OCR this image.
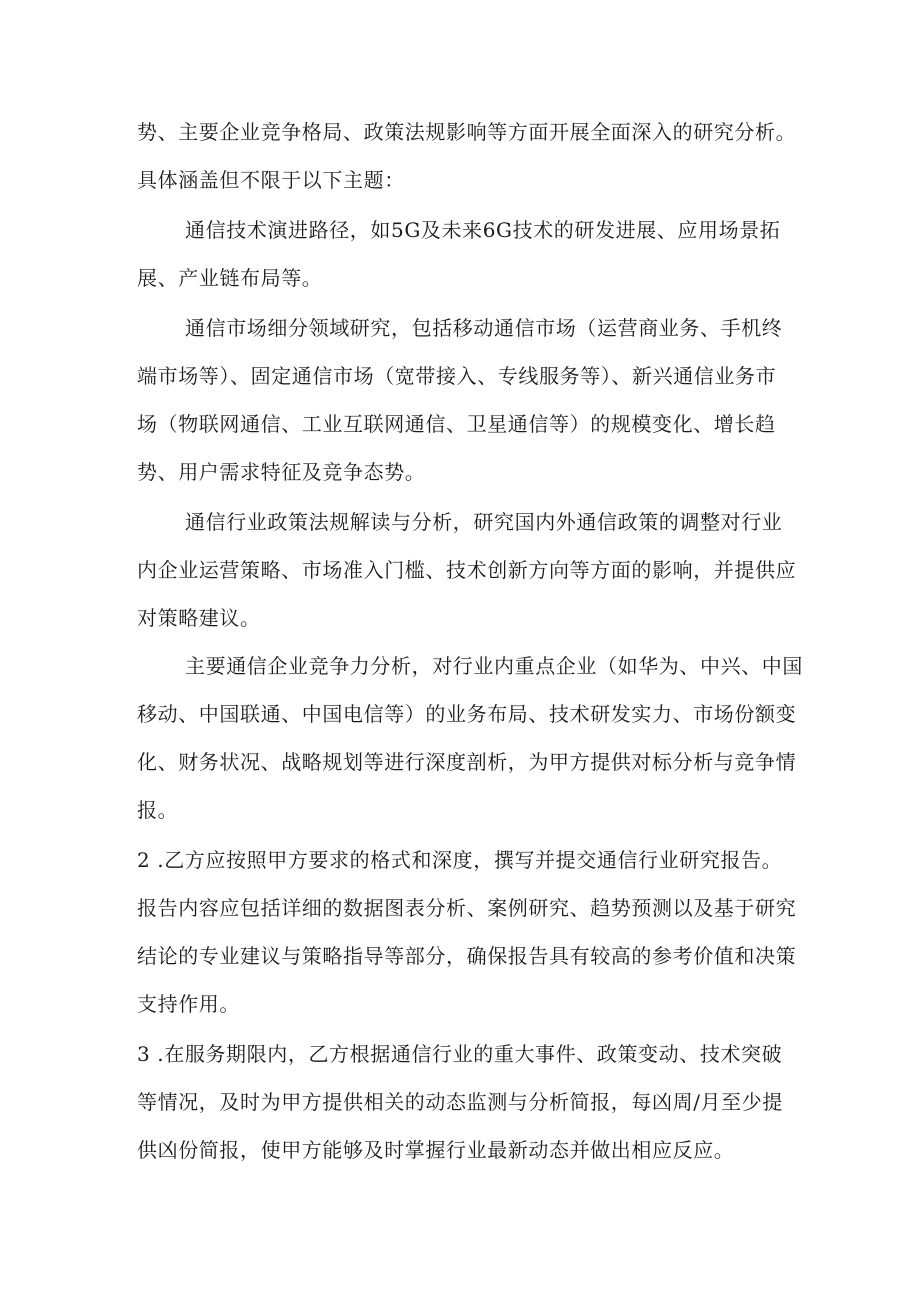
势、主要企业竞争格局、政策法规影响等方面开展全面深入的研究分析。

具体涵盖但不限于以下主题：

通信技术演进路径，如5G及未来6G技术的研发进展、应用场景拓

展、产业链布局等。

通信市场细分领域研究，包括移动通信市场（运营商业务、手机终

端市场等）、固定通信市场（宽带接入、专线服务等）、新兴通信业务市

场（物联网通信、工业互联网通信、卫星通信等）的规模变化、增长趋

势、用户需求特征及竞争态势。

通信行业政策法规解读与分析，研究国内外通信政策的调整对行业

内企业运营策略、市场准入门槛、技术创新方向等方面的影响，并提供应

对策略建议。

主要通信企业竞争力分析，对行业内重点企业（如华为、中兴、中国

移动、中国联通、中国电信等）的业务布局、技术研发实力、市场份额变

化、财务状况、战略规划等进行深度剖析，为甲方提供对标分析与竞争情

报。

2 .乙方应按照甲方要求的格式和深度，撰写并提交通信行业研究报告。

报告内容应包括详细的数据图表分析、案例研究、趋势预测以及基于研究

结论的专业建议与策略指导等部分，确保报告具有较高的参考价值和决策

支持作用。

3 .在服务期限内，乙方根据通信行业的重大事件、政策变动、技术突破

等情况，及时为甲方提供相关的动态监测与分析简报，每凶周/月至少提

供凶份简报，使甲方能够及时掌握行业最新动态并做出相应反应。
